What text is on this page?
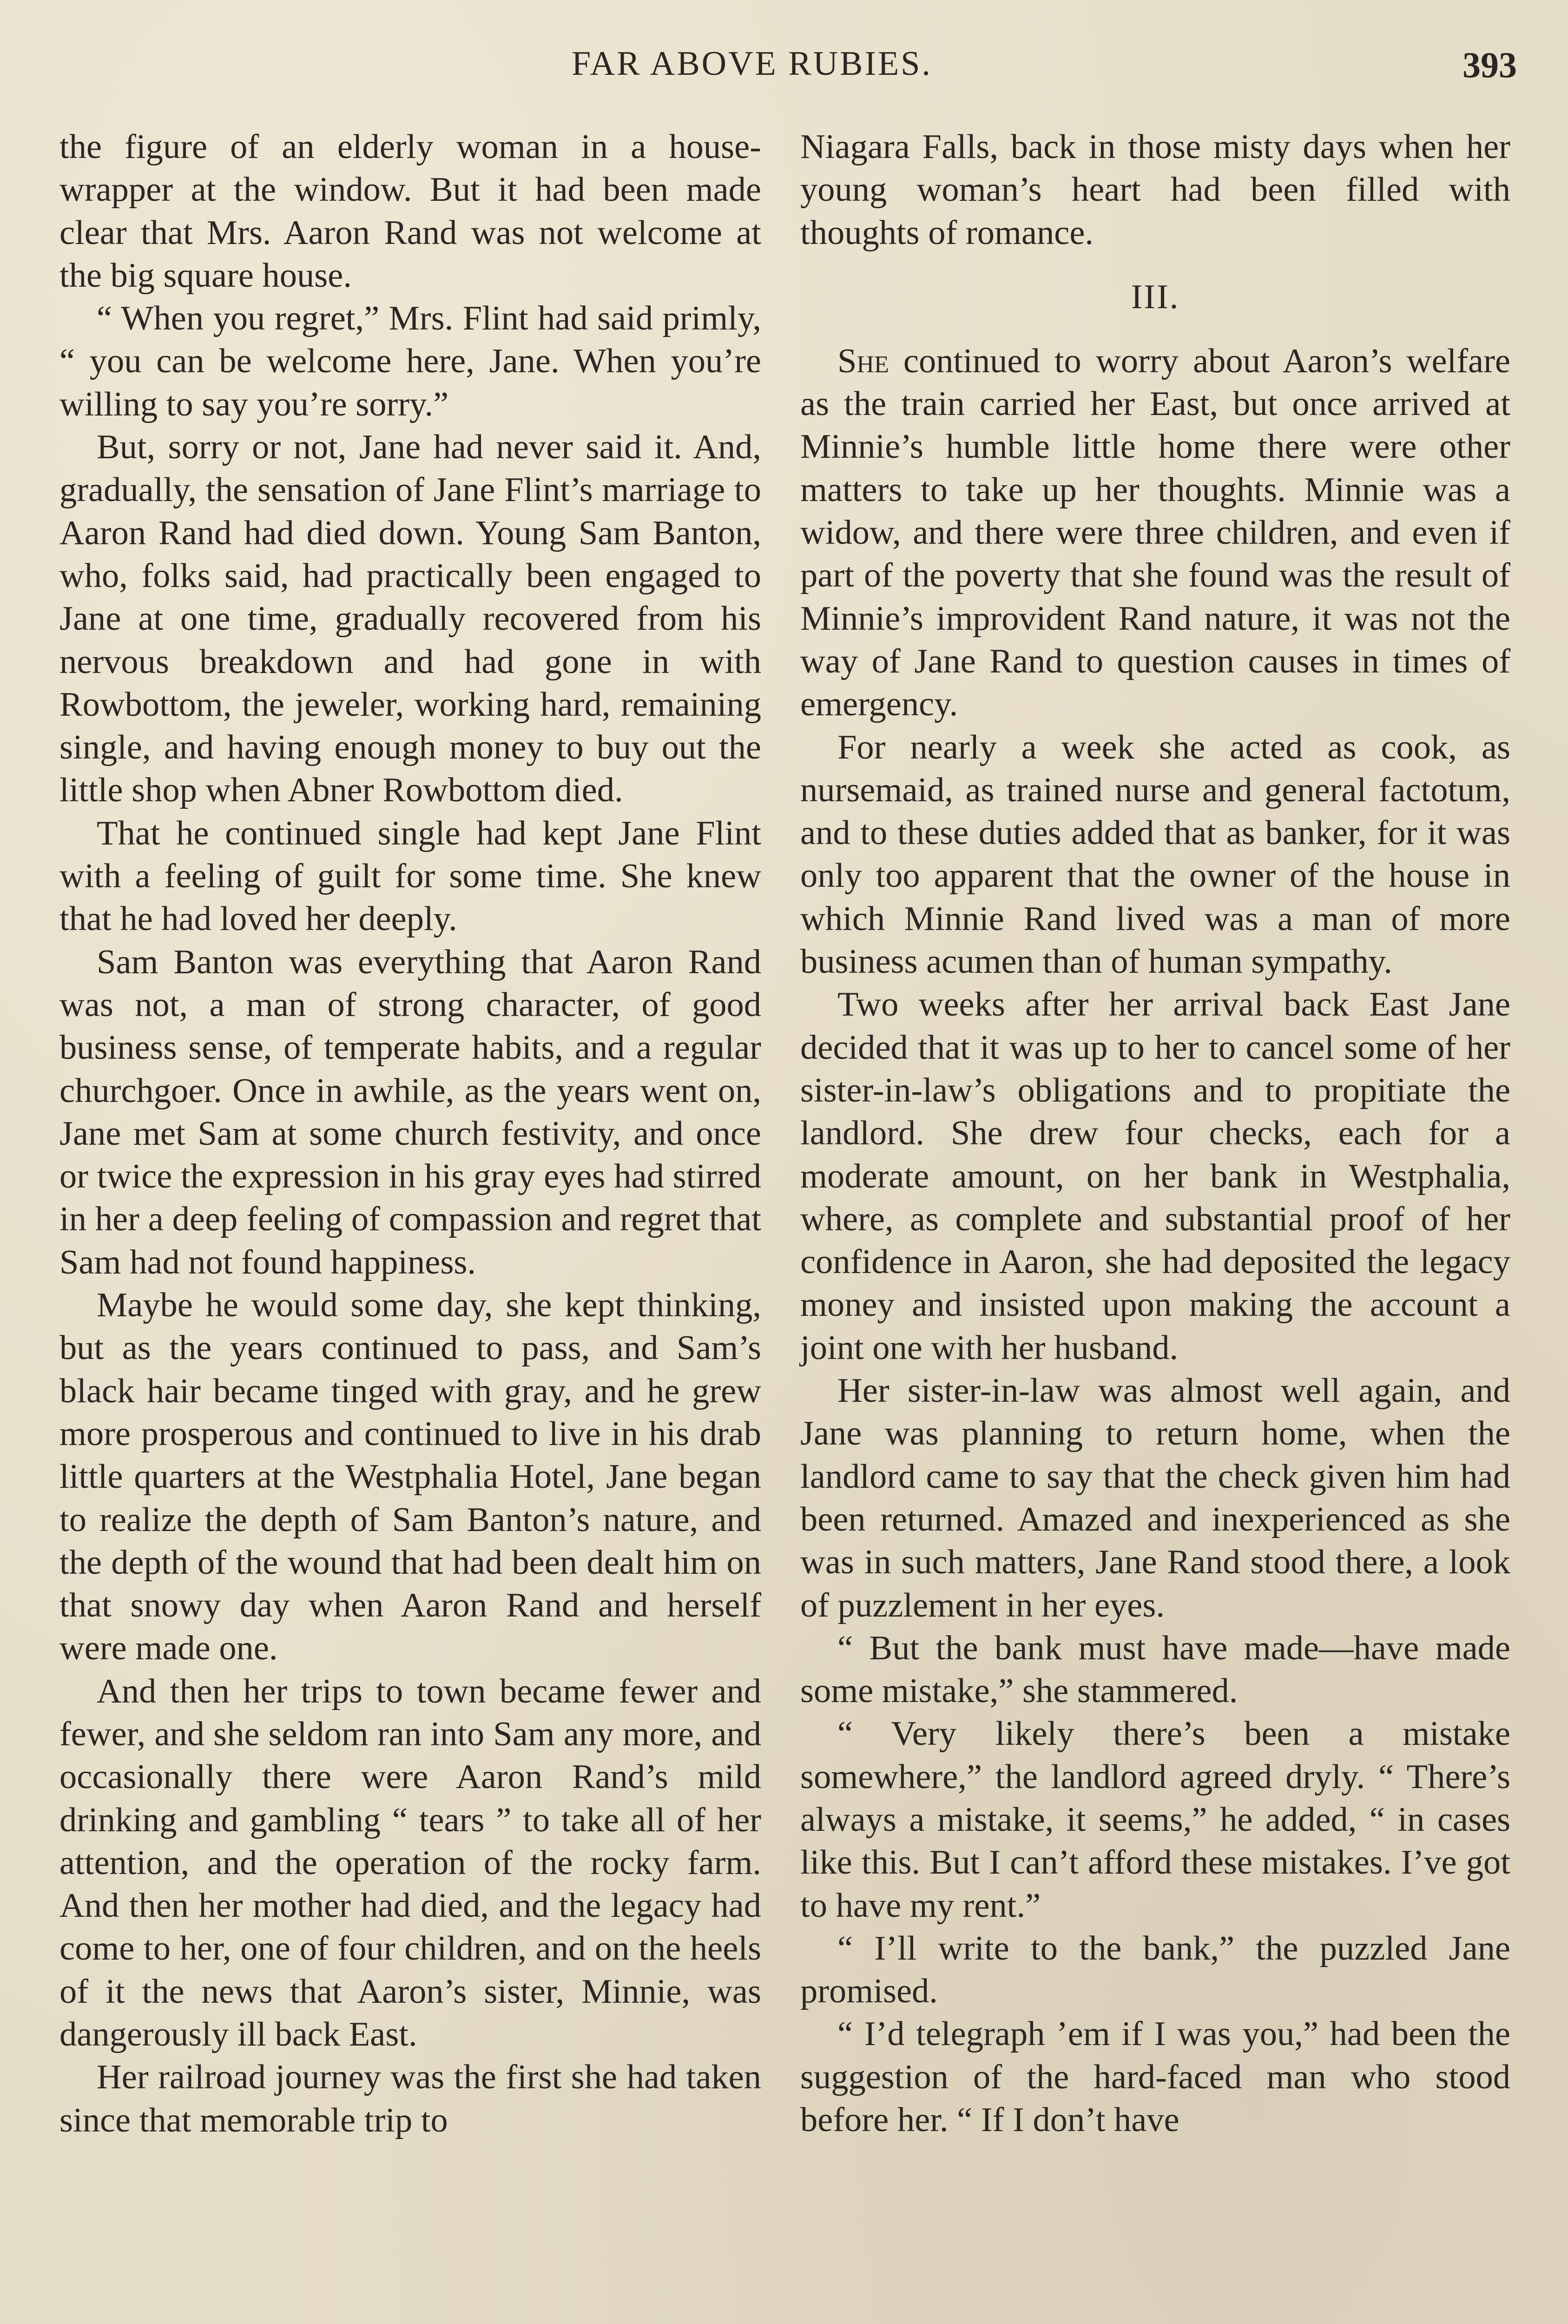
FAR ABOVE RUBIES.	393

the figure of an elderly woman in a house-wrapper at the window. But it had been made clear that Mrs. Aaron Rand was not welcome at the big square house.

“ When you regret,” Mrs. Flint had said primly, “ you can be welcome here, Jane. When you’re willing to say you’re sorry.”

But, sorry or not, Jane had never said it. And, gradually, the sensation of Jane Flint’s marriage to Aaron Rand had died down. Young Sam Banton, who, folks said, had practically been engaged to Jane at one time, gradually recovered from his nervous breakdown and had gone in with Rowbottom, the jeweler, working hard, remaining single, and having enough money to buy out the little shop when Abner Rowbottom died.

That he continued single had kept Jane Flint with a feeling of guilt for some time. She knew that he had loved her deeply.

Sam Banton was everything that Aaron Rand was not, a man of strong character, of good business sense, of temperate habits, and a regular churchgoer. Once in awhile, as the years went on, Jane met Sam at some church festivity, and once or twice the expression in his gray eyes had stirred in her a deep feeling of compassion and regret that Sam had not found happiness.

Maybe he would some day, she kept thinking, but as the years continued to pass, and Sam’s black hair became tinged with gray, and he grew more prosperous and continued to live in his drab little quarters at the Westphalia Hotel, Jane began to realize the depth of Sam Banton’s nature, and the depth of the wound that had been dealt him on that snowy day when Aaron Rand and herself were made one.

And then her trips to town became fewer and fewer, and she seldom ran into Sam any more, and occasionally there were Aaron Rand’s mild drinking and gambling “ tears ” to take all of her attention, and the operation of the rocky farm. And then her mother had died, and the legacy had come to her, one of four children, and on the heels of it the news that Aaron’s sister, Minnie, was dangerously ill back East.

Her railroad journey was the first she had taken since that memorable trip to

Niagara Falls, back in those misty days when her young woman’s heart had been filled with thoughts of romance.

III.

She continued to worry about Aaron’s welfare as the train carried her East, but once arrived at Minnie’s humble little home there were other matters to take up her thoughts. Minnie was a widow, and there were three children, and even if part of the poverty that she found was the result of Minnie’s improvident Rand nature, it was not the way of Jane Rand to question causes in times of emergency.

For nearly a week she acted as cook, as nursemaid, as trained nurse and general factotum, and to these duties added that as banker, for it was only too apparent that the owner of the house in which Minnie Rand lived was a man of more business acumen than of human sympathy.

Two weeks after her arrival back East Jane decided that it was up to her to cancel some of her sister-in-law’s obligations and to propitiate the landlord. She drew four checks, each for a moderate amount, on her bank in Westphalia, where, as complete and substantial proof of her confidence in Aaron, she had deposited the legacy money and insisted upon making the account a joint one with her husband.

Her sister-in-law was almost well again, and Jane was planning to return home, when the landlord came to say that the check given him had been returned. Amazed and inexperienced as she was in such matters, Jane Rand stood there, a look of puzzlement in her eyes.

“ But the bank must have made—have made some mistake,” she stammered.

“ Very likely there’s been a mistake somewhere,” the landlord agreed dryly. “ There’s always a mistake, it seems,” he added, “ in cases like this. But I can’t afford these mistakes. I’ve got to have my rent.”

“ I’ll write to the bank,” the puzzled Jane promised.

“ I’d telegraph ’em if I was you,” had been the suggestion of the hard-faced man who stood before her. “ If I don’t have
